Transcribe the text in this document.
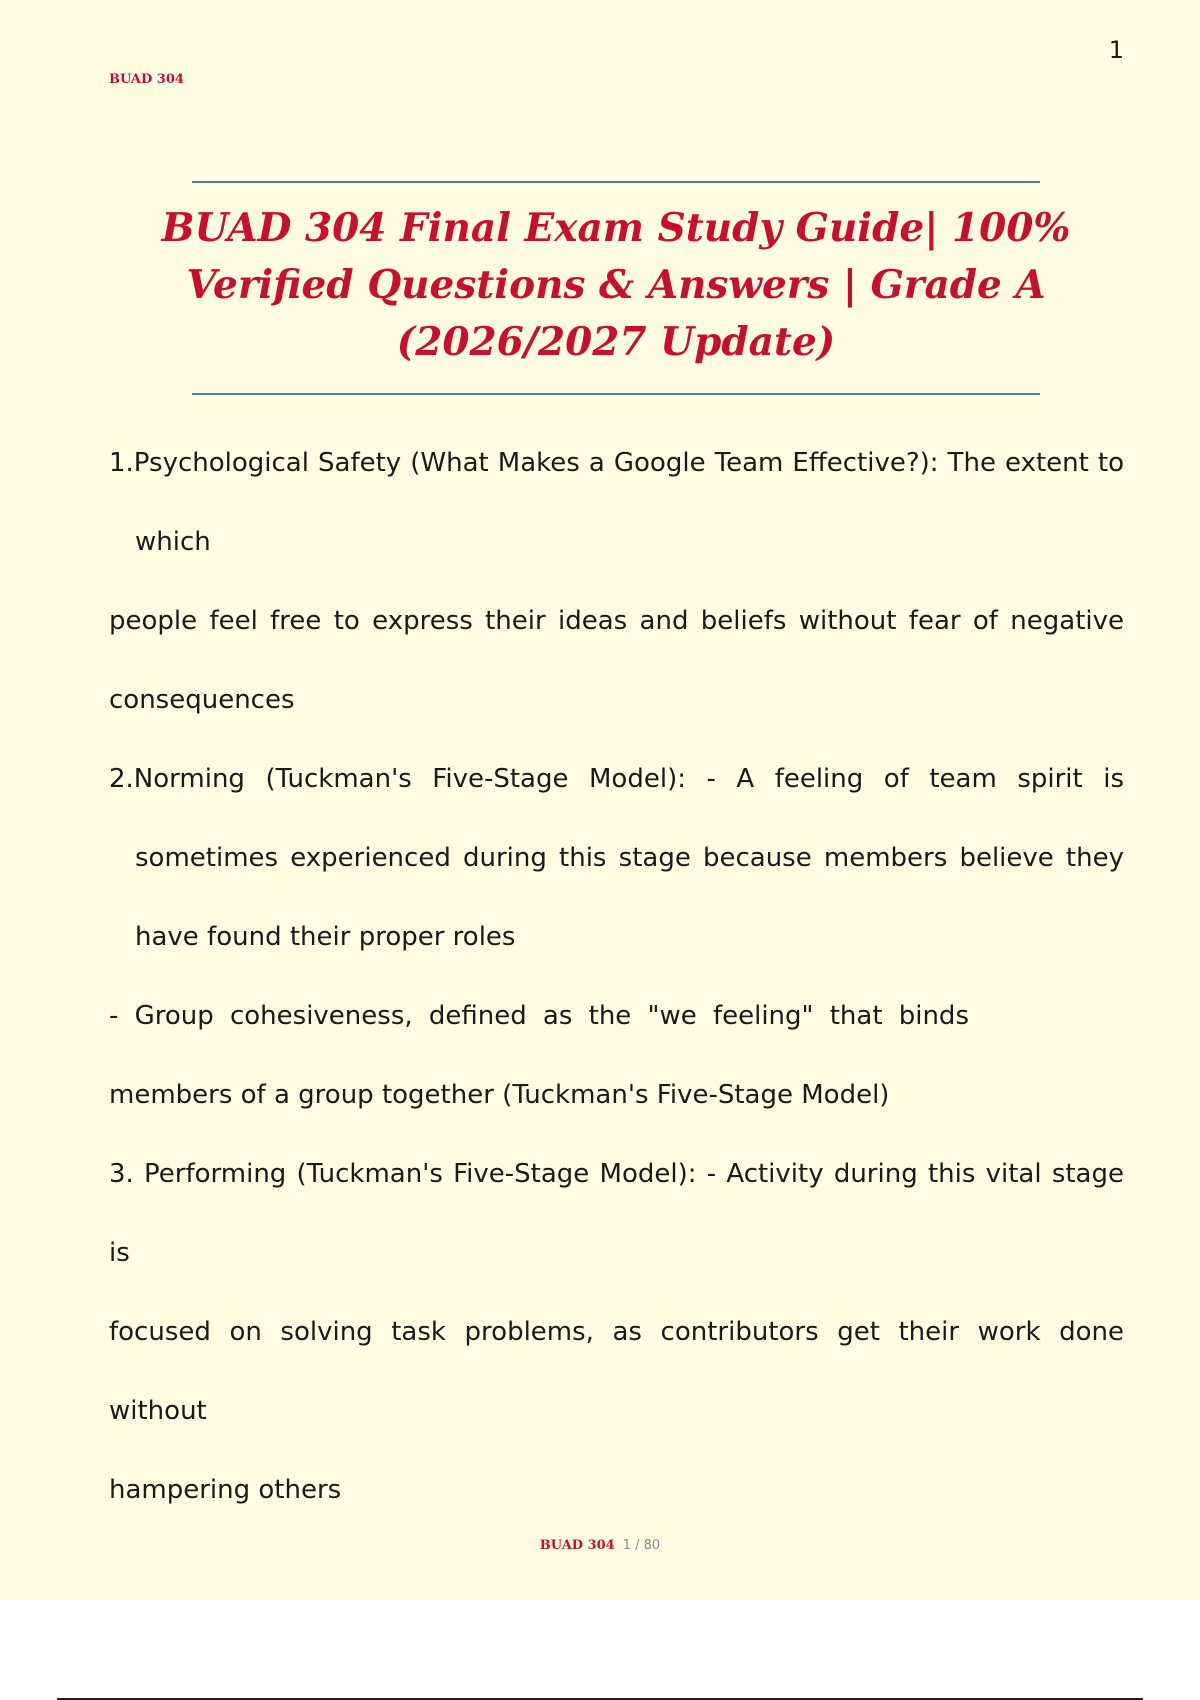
1
BUAD 304
BUAD 304 Final Exam Study Guide| 100%
Verified Questions & Answers | Grade A
(2026/2027 Update)
1.Psychological Safety (What Makes a Google Team Effective?): The extent to
which
people feel free to express their ideas and beliefs without fear of negative
consequences
2.Norming (Tuckman's Five-Stage Model): - A feeling of team spirit is
sometimes experienced during this stage because members believe they
have found their proper roles
- Group cohesiveness, defined as the "we feeling" that binds
members of a group together (Tuckman's Five-Stage Model)
3. Performing (Tuckman's Five-Stage Model): - Activity during this vital stage is
focused on solving task problems, as contributors get their work done without
hampering others
BUAD 304 1 / 80
